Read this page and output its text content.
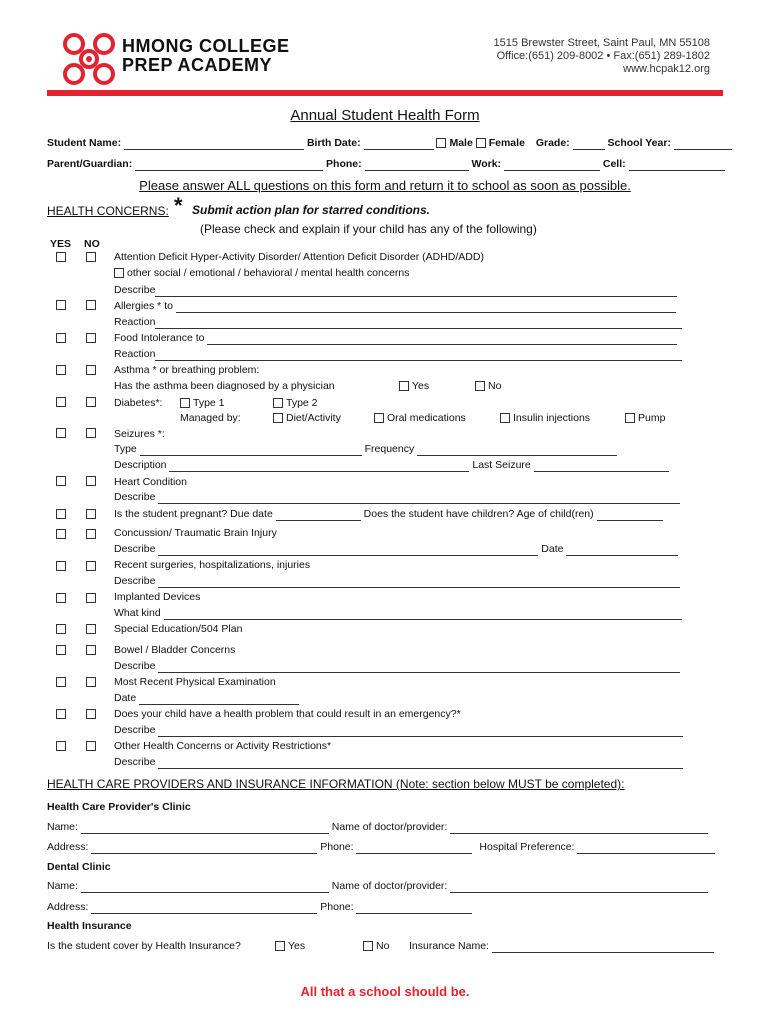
HMONG COLLEGE
PREP ACADEMY
1515 Brewster Street, Saint Paul, MN 55108
Office:(651) 209-8002 • Fax:(651) 289-1802
www.hcpak12.org
Annual Student Health Form
Student Name:	Birth Date:	Male Female Grade:	School Year:
Parent/Guardian:	Phone:	Work:	Cell:
Please answer ALL questions on this form and return it to school as soon as possible.
HEALTH CONCERNS: * Submit action plan for starred conditions.
(Please check and explain if your child has any of the following)
YES NO
Attention Deficit Hyper-Activity Disorder/ Attention Deficit Disorder (ADHD/ADD)
other social / emotional / behavioral / mental health concerns
Describe
Allergies * to
Reaction
Food Intolerance to
Reaction
Asthma * or breathing problem:
Has the asthma been diagnosed by a physician	Yes	No
Diabetes*:	Type 1	Type 2
Managed by:	Diet/Activity	Oral medications	Insulin injections	Pump
Seizures *:
Type	Frequency
Description	Last Seizure
Heart Condition
Describe
Is the student pregnant? Due date	Does the student have children? Age of child(ren)
Concussion/ Traumatic Brain Injury
Describe	Date
Recent surgeries, hospitalizations, injuries
Describe
Implanted Devices
What kind
Special Education/504 Plan
Bowel / Bladder Concerns
Describe
Most Recent Physical Examination
Date
Does your child have a health problem that could result in an emergency?*
Describe
Other Health Concerns or Activity Restrictions*
Describe
HEALTH CARE PROVIDERS AND INSURANCE INFORMATION (Note: section below MUST be completed):
Health Care Provider's Clinic
Name:	Name of doctor/provider:
Address:	Phone:	Hospital Preference:
Dental Clinic
Name:	Name of doctor/provider:
Address:	Phone:
Health Insurance
Is the student cover by Health Insurance?	Yes	No Insurance Name:
All that a school should be.
